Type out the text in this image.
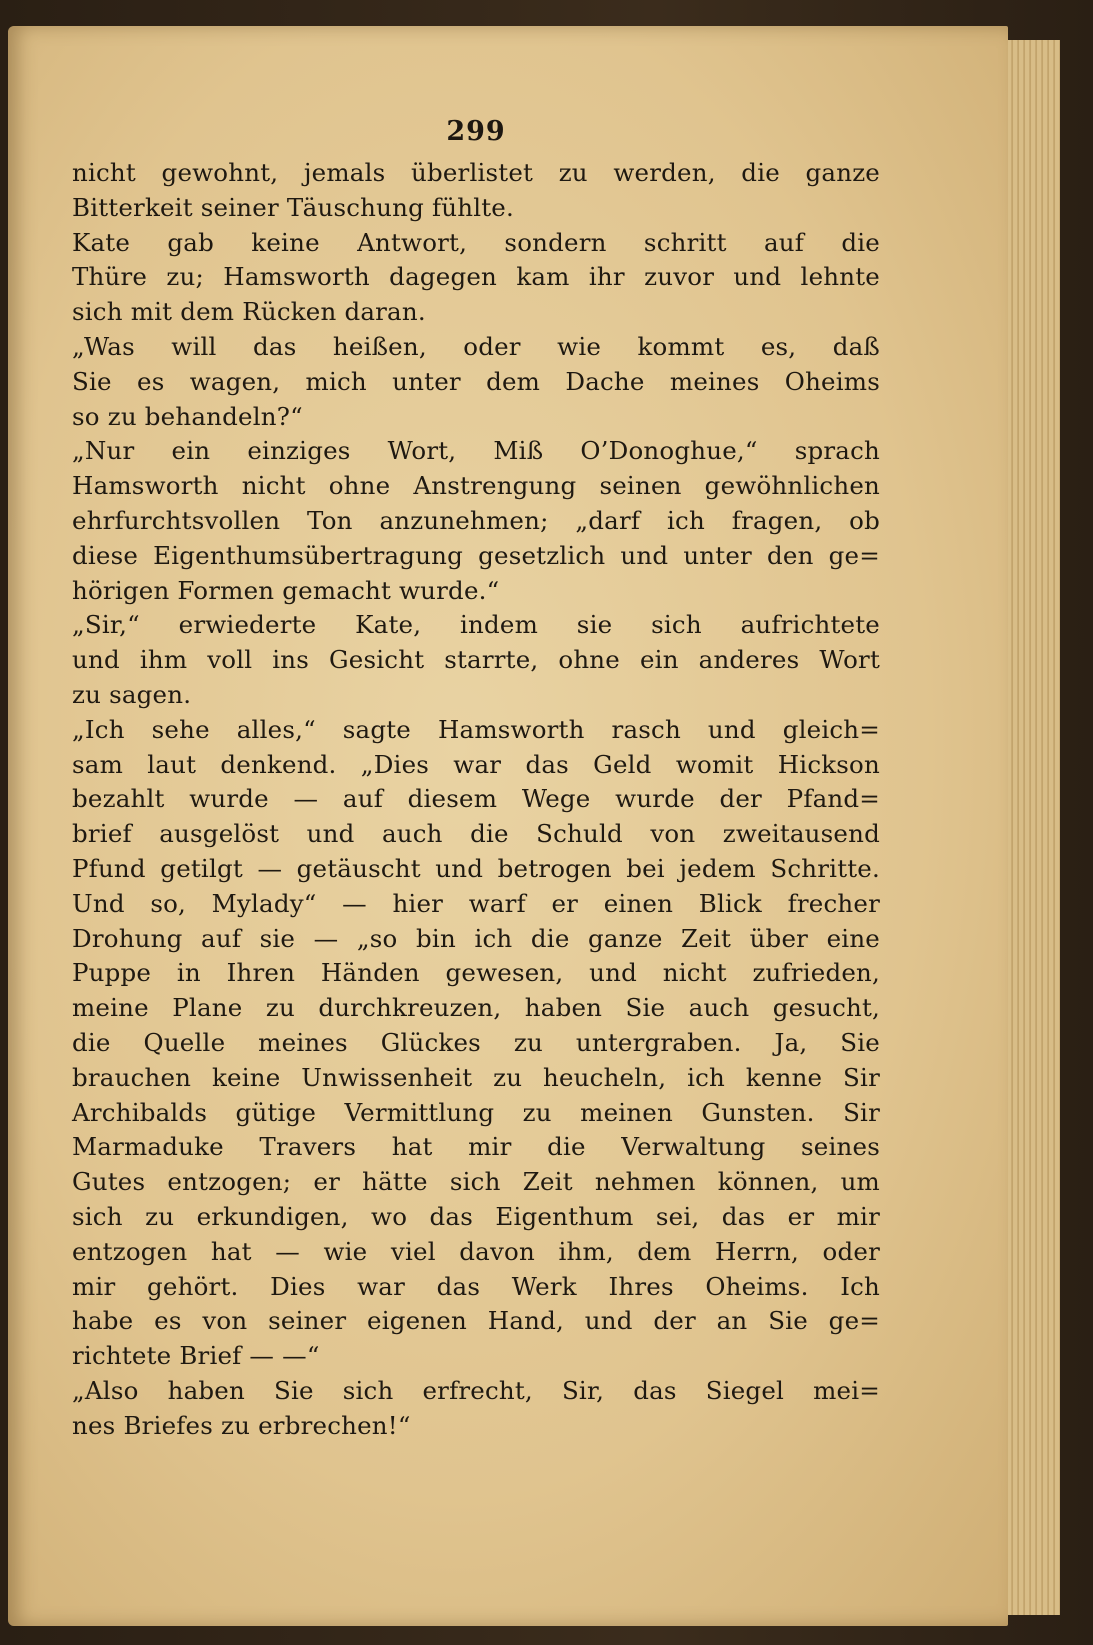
299
nicht gewohnt, jemals überlistet zu werden, die ganze
Bitterkeit seiner Täuschung fühlte.
Kate gab keine Antwort, sondern schritt auf die
Thüre zu; Hamsworth dagegen kam ihr zuvor und lehnte
sich mit dem Rücken daran.
„Was will das heißen, oder wie kommt es, daß
Sie es wagen, mich unter dem Dache meines Oheims
so zu behandeln?“
„Nur ein einziges Wort, Miß O’Donoghue,“ sprach
Hamsworth nicht ohne Anstrengung seinen gewöhnlichen
ehrfurchtsvollen Ton anzunehmen; „darf ich fragen, ob
diese Eigenthumsübertragung gesetzlich und unter den ge=
hörigen Formen gemacht wurde.“
„Sir,“ erwiederte Kate, indem sie sich aufrichtete
und ihm voll ins Gesicht starrte, ohne ein anderes Wort
zu sagen.
„Ich sehe alles,“ sagte Hamsworth rasch und gleich=
sam laut denkend. „Dies war das Geld womit Hickson
bezahlt wurde — auf diesem Wege wurde der Pfand=
brief ausgelöst und auch die Schuld von zweitausend
Pfund getilgt — getäuscht und betrogen bei jedem Schritte.
Und so, Mylady“ — hier warf er einen Blick frecher
Drohung auf sie — „so bin ich die ganze Zeit über eine
Puppe in Ihren Händen gewesen, und nicht zufrieden,
meine Plane zu durchkreuzen, haben Sie auch gesucht,
die Quelle meines Glückes zu untergraben. Ja, Sie
brauchen keine Unwissenheit zu heucheln, ich kenne Sir
Archibalds gütige Vermittlung zu meinen Gunsten. Sir
Marmaduke Travers hat mir die Verwaltung seines
Gutes entzogen; er hätte sich Zeit nehmen können, um
sich zu erkundigen, wo das Eigenthum sei, das er mir
entzogen hat — wie viel davon ihm, dem Herrn, oder
mir gehört. Dies war das Werk Ihres Oheims. Ich
habe es von seiner eigenen Hand, und der an Sie ge=
richtete Brief — —“
„Also haben Sie sich erfrecht, Sir, das Siegel mei=
nes Briefes zu erbrechen!“
